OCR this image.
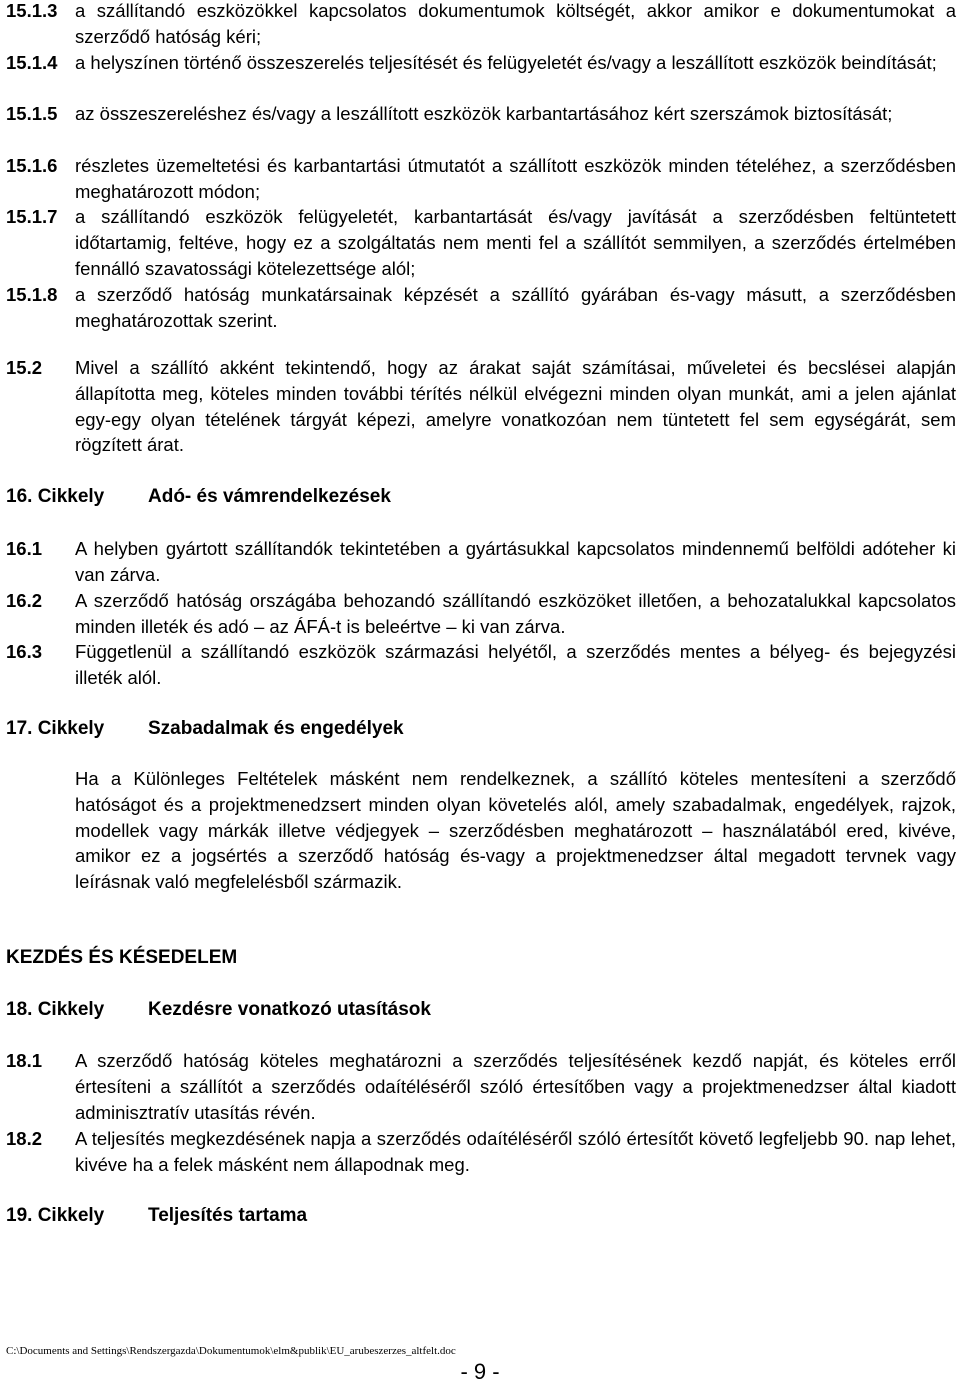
15.1.3 a szállítandó eszközökkel kapcsolatos dokumentumok költségét, akkor amikor e dokumentumokat a szerződő hatóság kéri;
15.1.4 a helyszínen történő összeszerelés teljesítését és felügyeletét és/vagy a leszállított eszközök beindítását;
15.1.5 az összeszereléshez és/vagy a leszállított eszközök karbantartásához kért szerszámok biztosítását;
15.1.6 részletes üzemeltetési és karbantartási útmutatót a szállított eszközök minden tételéhez, a szerződésben meghatározott módon;
15.1.7 a szállítandó eszközök felügyeletét, karbantartását és/vagy javítását a szerződésben feltüntetett időtartamig, feltéve, hogy ez a szolgáltatás nem menti fel a szállítót semmilyen, a szerződés értelmében fennálló szavatossági kötelezettsége alól;
15.1.8 a szerződő hatóság munkatársainak képzését a szállító gyárában és-vagy másutt, a szerződésben meghatározottak szerint.
15.2 Mivel a szállító akként tekintendő, hogy az árakat saját számításai, műveletei és becslései alapján állapította meg, köteles minden további térítés nélkül elvégezni minden olyan munkát, ami a jelen ajánlat egy-egy olyan tételének tárgyát képezi, amelyre vonatkozóan nem tüntetett fel sem egységárát, sem rögzített árat.
16. Cikkely Adó- és vámrendelkezések
16.1 A helyben gyártott szállítandók tekintetében a gyártásukkal kapcsolatos mindennemű belföldi adóteher ki van zárva.
16.2 A szerződő hatóság országába behozandó szállítandó eszközöket illetően, a behozatalukkal kapcsolatos minden illeték és adó – az ÁFÁ-t is beleértve – ki van zárva.
16.3 Függetlenül a szállítandó eszközök származási helyétől, a szerződés mentes a bélyeg- és bejegyzési illeték alól.
17. Cikkely Szabadalmak és engedélyek
Ha a Különleges Feltételek másként nem rendelkeznek, a szállító köteles mentesíteni a szerződő hatóságot és a projektmenedzsert minden olyan követelés alól, amely szabadalmak, engedélyek, rajzok, modellek vagy márkák illetve védjegyek – szerződésben meghatározott – használatából ered, kivéve, amikor ez a jogsértés a szerződő hatóság és-vagy a projektmenedzser által megadott tervnek vagy leírásnak való megfelelésből származik.
KEZDÉS ÉS KÉSEDELEM
18. Cikkely Kezdésre vonatkozó utasítások
18.1 A szerződő hatóság köteles meghatározni a szerződés teljesítésének kezdő napját, és köteles erről értesíteni a szállítót a szerződés odaítéléséről szóló értesítőben vagy a projektmenedzser által kiadott adminisztratív utasítás révén.
18.2 A teljesítés megkezdésének napja a szerződés odaítéléséről szóló értesítőt követő legfeljebb 90. nap lehet, kivéve ha a felek másként nem állapodnak meg.
19. Cikkely Teljesítés tartama
C:\Documents and Settings\Rendszergazda\Dokumentumok\elm&publik\EU_arubeszerzes_altfelt.doc
- 9 -
